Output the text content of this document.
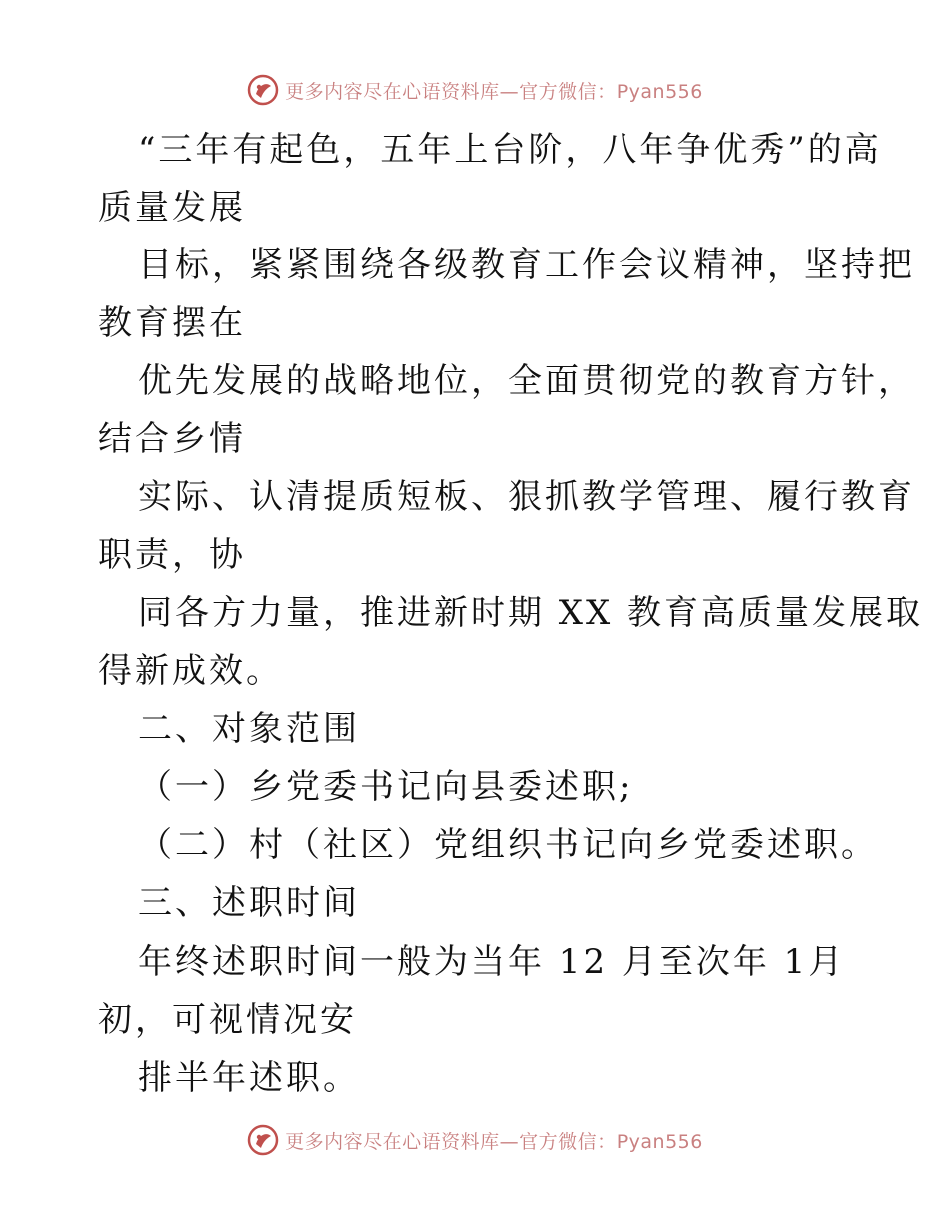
更多内容尽在心语资料库—官方微信：Pyan556
“三年有起色，五年上台阶，八年争优秀”的高
质量发展
目标，紧紧围绕各级教育工作会议精神，坚持把
教育摆在
优先发展的战略地位，全面贯彻党的教育方针，
结合乡情
实际、认清提质短板、狠抓教学管理、履行教育
职责，协
同各方力量，推进新时期 XX 教育高质量发展取
得新成效。
二、对象范围
（一）乡党委书记向县委述职;
（二）村（社区）党组织书记向乡党委述职。
三、述职时间
年终述职时间一般为当年 12 月至次年 1月
初，可视情况安
排半年述职。
更多内容尽在心语资料库—官方微信：Pyan556
